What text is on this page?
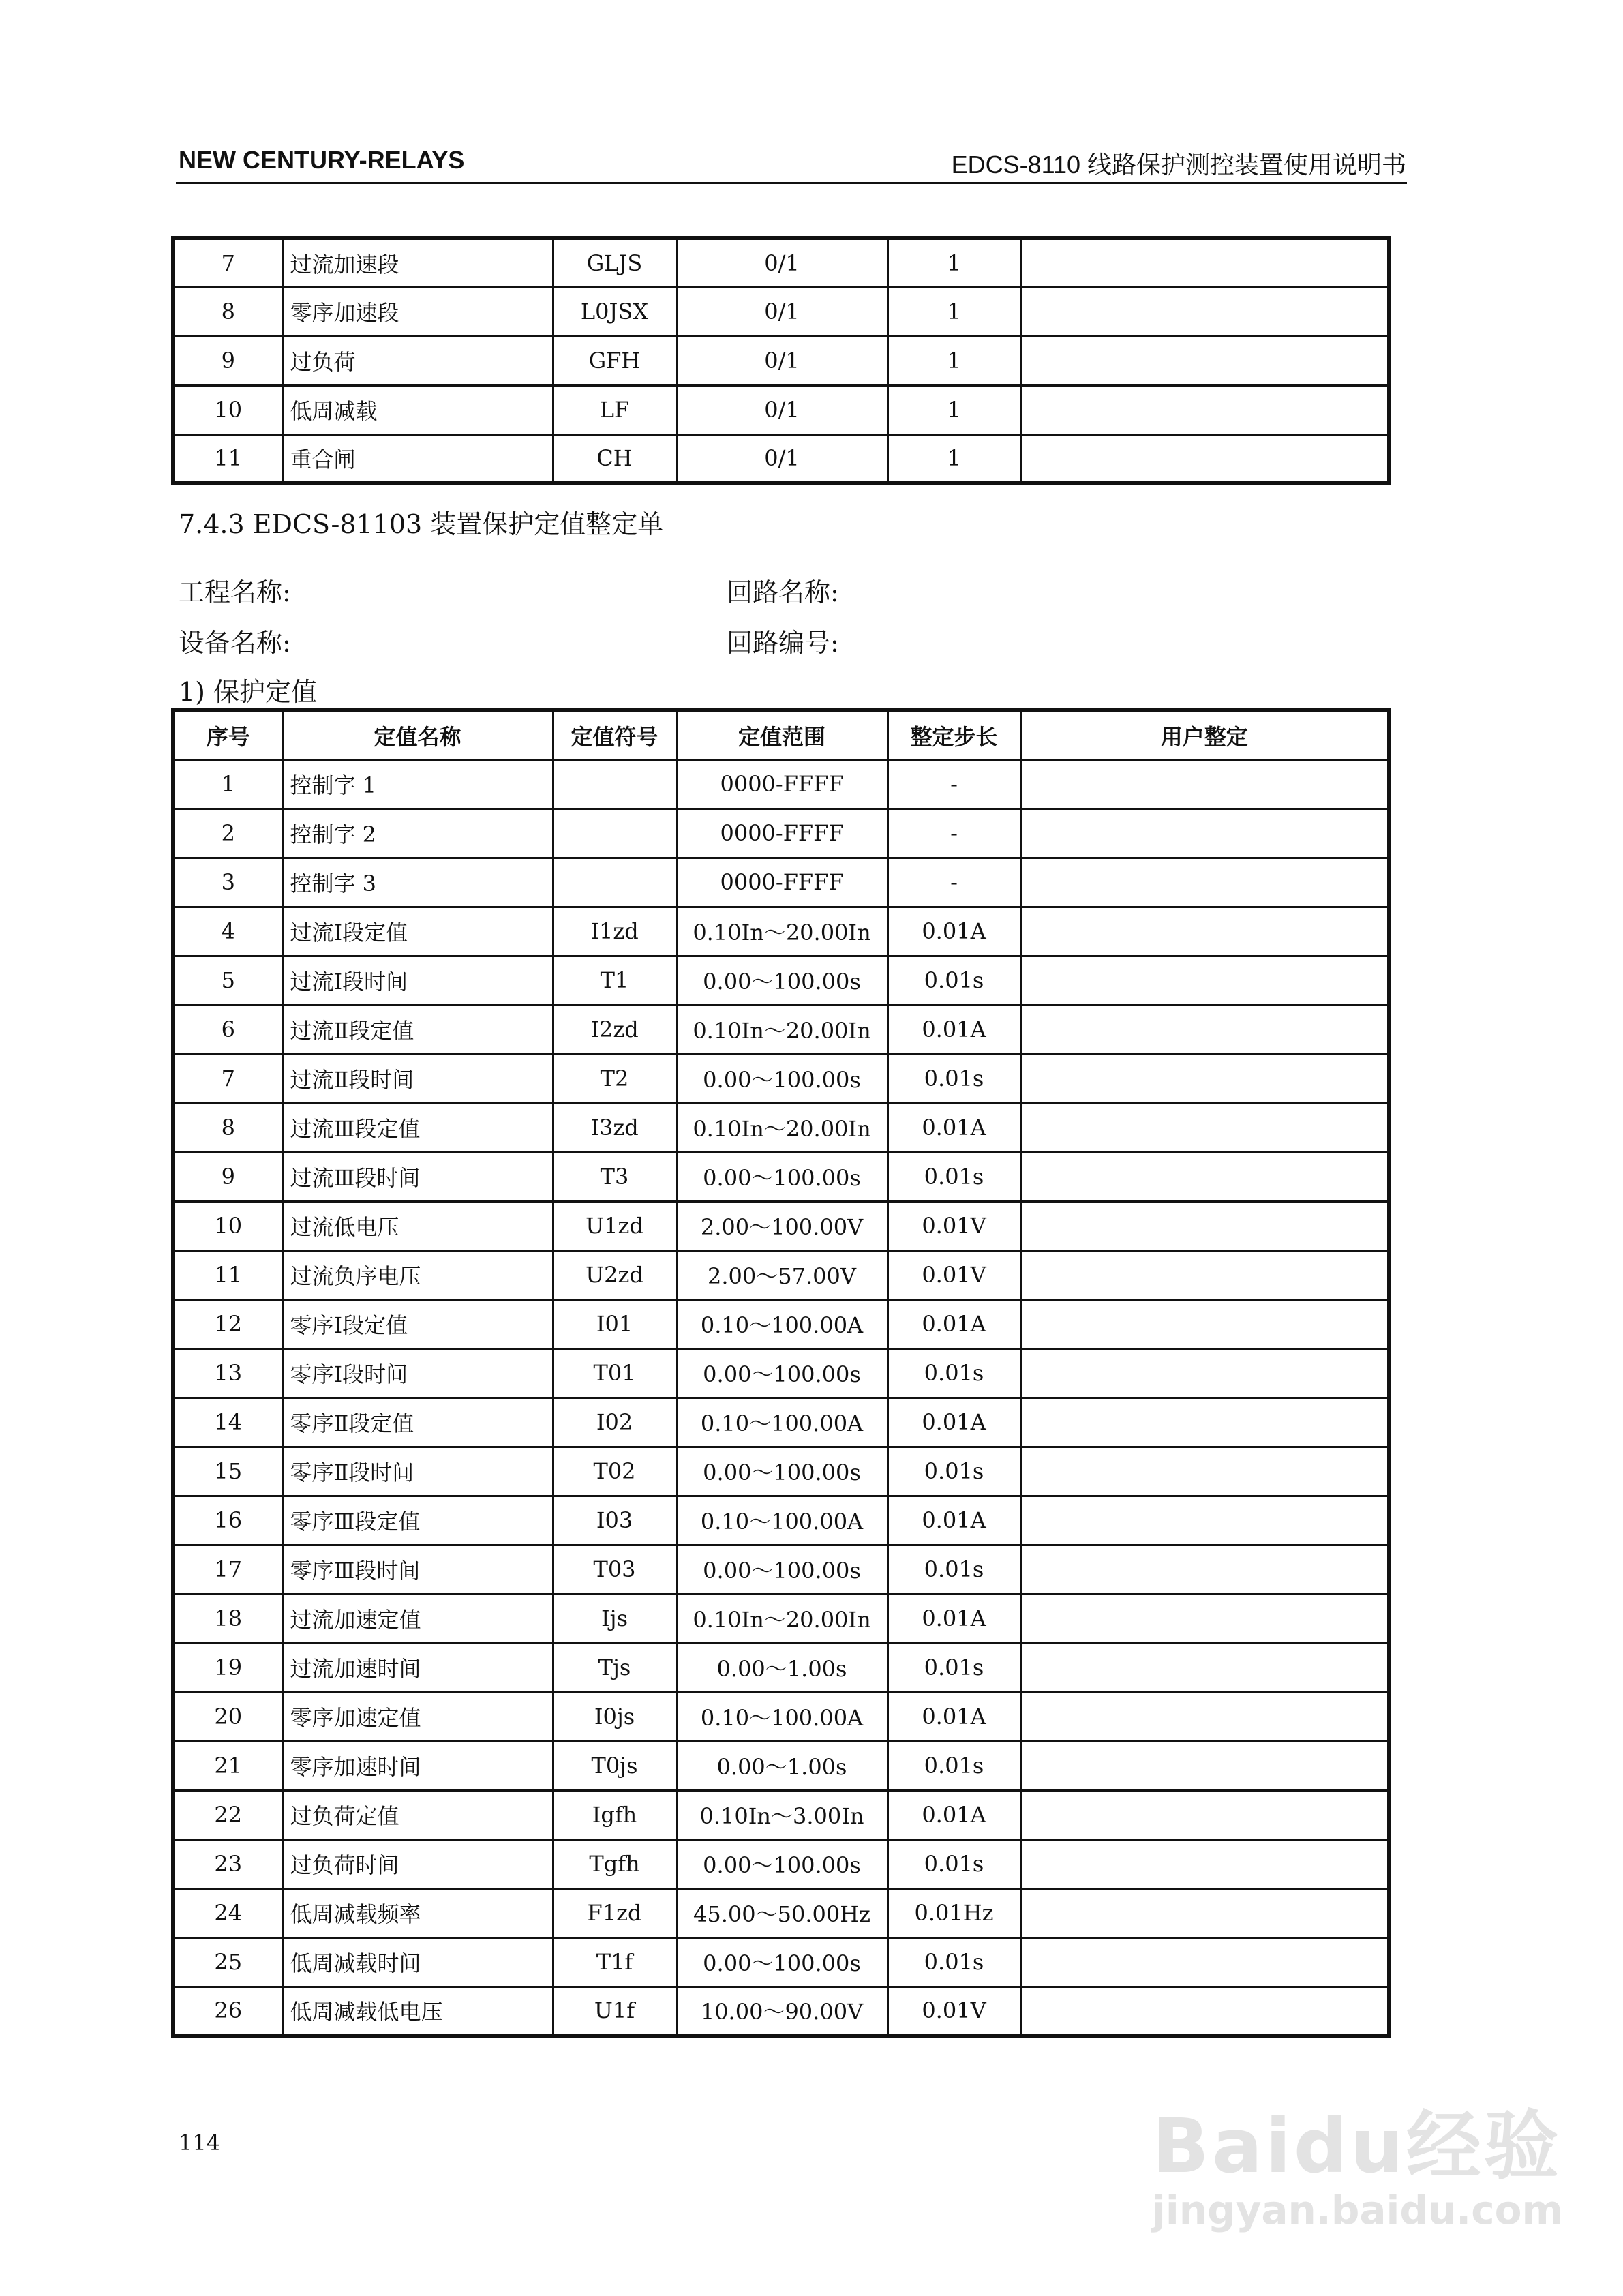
NEW CENTURY-RELAYS	EDCS-8110 线路保护测控装置使用说明书
7	过流加速段	GLJS	0/1	1	
8	零序加速段	L0JSX	0/1	1	
9	过负荷	GFH	0/1	1	
10	低周减载	LF	0/1	1	
11	重合闸	CH	0/1	1	
7.4.3 EDCS-81103 装置保护定值整定单
工程名称:	回路名称:
设备名称:	回路编号:
1) 保护定值
序号	定值名称	定值符号	定值范围	整定步长	用户整定
1	控制字 1		0000-FFFF	-	
2	控制字 2		0000-FFFF	-	
3	控制字 3		0000-FFFF	-	
4	过流Ⅰ段定值	I1zd	0.10In～20.00In	0.01A	
5	过流Ⅰ段时间	T1	0.00～100.00s	0.01s	
6	过流Ⅱ段定值	I2zd	0.10In～20.00In	0.01A	
7	过流Ⅱ段时间	T2	0.00～100.00s	0.01s	
8	过流Ⅲ段定值	I3zd	0.10In～20.00In	0.01A	
9	过流Ⅲ段时间	T3	0.00～100.00s	0.01s	
10	过流低电压	U1zd	2.00～100.00V	0.01V	
11	过流负序电压	U2zd	2.00～57.00V	0.01V	
12	零序Ⅰ段定值	I01	0.10～100.00A	0.01A	
13	零序Ⅰ段时间	T01	0.00～100.00s	0.01s	
14	零序Ⅱ段定值	I02	0.10～100.00A	0.01A	
15	零序Ⅱ段时间	T02	0.00～100.00s	0.01s	
16	零序Ⅲ段定值	I03	0.10～100.00A	0.01A	
17	零序Ⅲ段时间	T03	0.00～100.00s	0.01s	
18	过流加速定值	Ijs	0.10In～20.00In	0.01A	
19	过流加速时间	Tjs	0.00～1.00s	0.01s	
20	零序加速定值	I0js	0.10～100.00A	0.01A	
21	零序加速时间	T0js	0.00～1.00s	0.01s	
22	过负荷定值	Igfh	0.10In～3.00In	0.01A	
23	过负荷时间	Tgfh	0.00～100.00s	0.01s	
24	低周减载频率	F1zd	45.00～50.00Hz	0.01Hz	
25	低周减载时间	T1f	0.00～100.00s	0.01s	
26	低周减载低电压	U1f	10.00～90.00V	0.01V	
114	Baidu经验
jingyan.baidu.com
